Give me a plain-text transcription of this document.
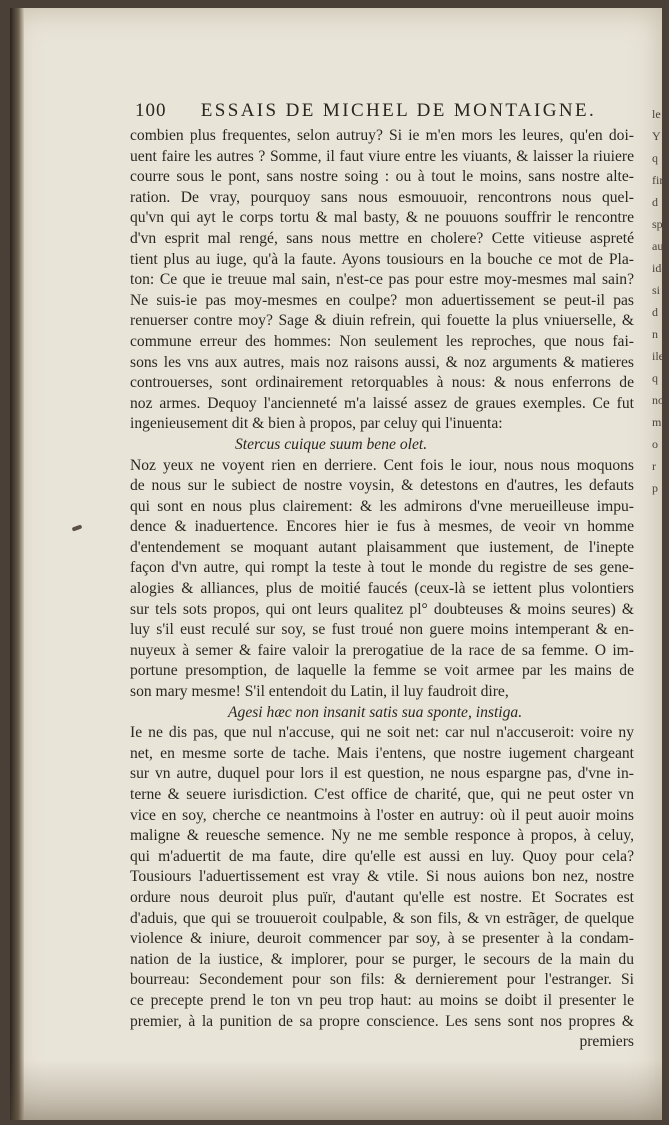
100 ESSAIS DE MICHEL DE MONTAIGNE.
combien plus frequentes, selon autruy? Si ie m'en mors les leures, qu'en doi-
uent faire les autres ? Somme, il faut viure entre les viuants, & laisser la riuiere
courre sous le pont, sans nostre soing : ou à tout le moins, sans nostre alte-
ration. De vray, pourquoy sans nous esmouuoir, rencontrons nous quel-
qu'vn qui ayt le corps tortu & mal basty, & ne pouuons souffrir le rencontre
d'vn esprit mal rengé, sans nous mettre en cholere? Cette vitieuse aspreté
tient plus au iuge, qu'à la faute. Ayons tousiours en la bouche ce mot de Pla-
ton: Ce que ie treuue mal sain, n'est-ce pas pour estre moy-mesmes mal sain?
Ne suis-ie pas moy-mesmes en coulpe? mon aduertissement se peut-il pas
renuerser contre moy? Sage & diuin refrein, qui fouette la plus vniuerselle, &
commune erreur des hommes: Non seulement les reproches, que nous fai-
sons les vns aux autres, mais noz raisons aussi, & noz arguments & matieres
controuerses, sont ordinairement retorquables à nous: & nous enferrons de
noz armes. Dequoy l'ancienneté m'a laissé assez de graues exemples. Ce fut
ingenieusement dit & bien à propos, par celuy qui l'inuenta:
Stercus cuique suum bene olet.
Noz yeux ne voyent rien en derriere. Cent fois le iour, nous nous moquons
de nous sur le subiect de nostre voysin, & detestons en d'autres, les defauts
qui sont en nous plus clairement: & les admirons d'vne merueilleuse impu-
dence & inaduertence. Encores hier ie fus à mesmes, de veoir vn homme
d'entendement se moquant autant plaisamment que iustement, de l'inepte
façon d'vn autre, qui rompt la teste à tout le monde du registre de ses gene-
alogies & alliances, plus de moitié faucés (ceux-là se iettent plus volontiers
sur tels sots propos, qui ont leurs qualitez pl° doubteuses & moins seures) &
luy s'il eust reculé sur soy, se fust troué non guere moins intemperant & en-
nuyeux à semer & faire valoir la prerogatiue de la race de sa femme. O im-
portune presomption, de laquelle la femme se voit armee par les mains de
son mary mesme! S'il entendoit du Latin, il luy faudroit dire,
Agesi hæc non insanit satis sua sponte, instiga.
Ie ne dis pas, que nul n'accuse, qui ne soit net: car nul n'accuseroit: voire ny
net, en mesme sorte de tache. Mais i'entens, que nostre iugement chargeant
sur vn autre, duquel pour lors il est question, ne nous espargne pas, d'vne in-
terne & seuere iurisdiction. C'est office de charité, que, qui ne peut oster vn
vice en soy, cherche ce neantmoins à l'oster en autruy: où il peut auoir moins
maligne & reuesche semence. Ny ne me semble responce à propos, à celuy,
qui m'aduertit de ma faute, dire qu'elle est aussi en luy. Quoy pour cela?
Tousiours l'aduertissement est vray & vtile. Si nous auions bon nez, nostre
ordure nous deuroit plus puïr, d'autant qu'elle est nostre. Et Socrates est
d'aduis, que qui se trouueroit coulpable, & son fils, & vn estrãger, de quelque
violence & iniure, deuroit commencer par soy, à se presenter à la condam-
nation de la iustice, & implorer, pour se purger, le secours de la main du
bourreau: Secondement pour son fils: & dernierement pour l'estranger. Si
ce precepte prend le ton vn peu trop haut: au moins se doibt il presenter le
premier, à la punition de sa propre conscience. Les sens sont nos propres &
premiers
le
Y
q
fin
d
spl
au
ide
si
d
n
ile
q
noz
m
o
r
p
